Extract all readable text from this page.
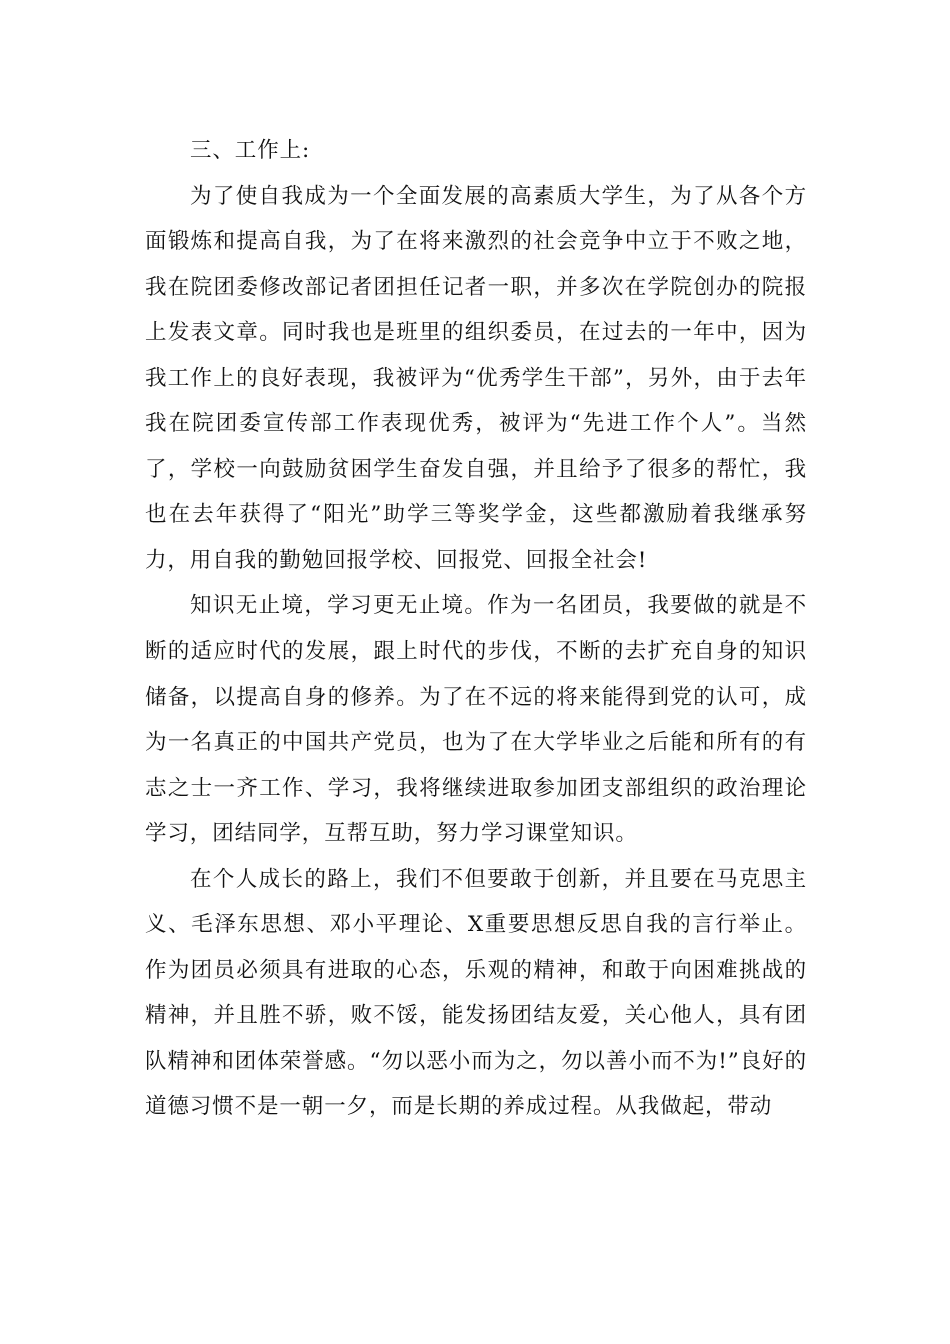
三、工作上:

为了使自我成为一个全面发展的高素质大学生，为了从各个方面锻炼和提高自我，为了在将来激烈的社会竞争中立于不败之地，我在院团委修改部记者团担任记者一职，并多次在学院创办的院报上发表文章。同时我也是班里的组织委员，在过去的一年中，因为我工作上的良好表现，我被评为“优秀学生干部”，另外，由于去年我在院团委宣传部工作表现优秀，被评为“先进工作个人”。当然了，学校一向鼓励贫困学生奋发自强，并且给予了很多的帮忙，我也在去年获得了“阳光”助学三等奖学金，这些都激励着我继承努力，用自我的勤勉回报学校、回报党、回报全社会!

知识无止境，学习更无止境。作为一名团员，我要做的就是不断的适应时代的发展，跟上时代的步伐，不断的去扩充自身的知识储备，以提高自身的修养。为了在不远的将来能得到党的认可，成为一名真正的中国共产党员，也为了在大学毕业之后能和所有的有志之士一齐工作、学习，我将继续进取参加团支部组织的政治理论学习，团结同学，互帮互助，努力学习课堂知识。

在个人成长的路上，我们不但要敢于创新，并且要在马克思主义、毛泽东思想、邓小平理论、X重要思想反思自我的言行举止。作为团员必须具有进取的心态，乐观的精神，和敢于向困难挑战的精神，并且胜不骄，败不馁，能发扬团结友爱，关心他人，具有团队精神和团体荣誉感。“勿以恶小而为之，勿以善小而不为!”良好的道德习惯不是一朝一夕，而是长期的养成过程。从我做起，带动
